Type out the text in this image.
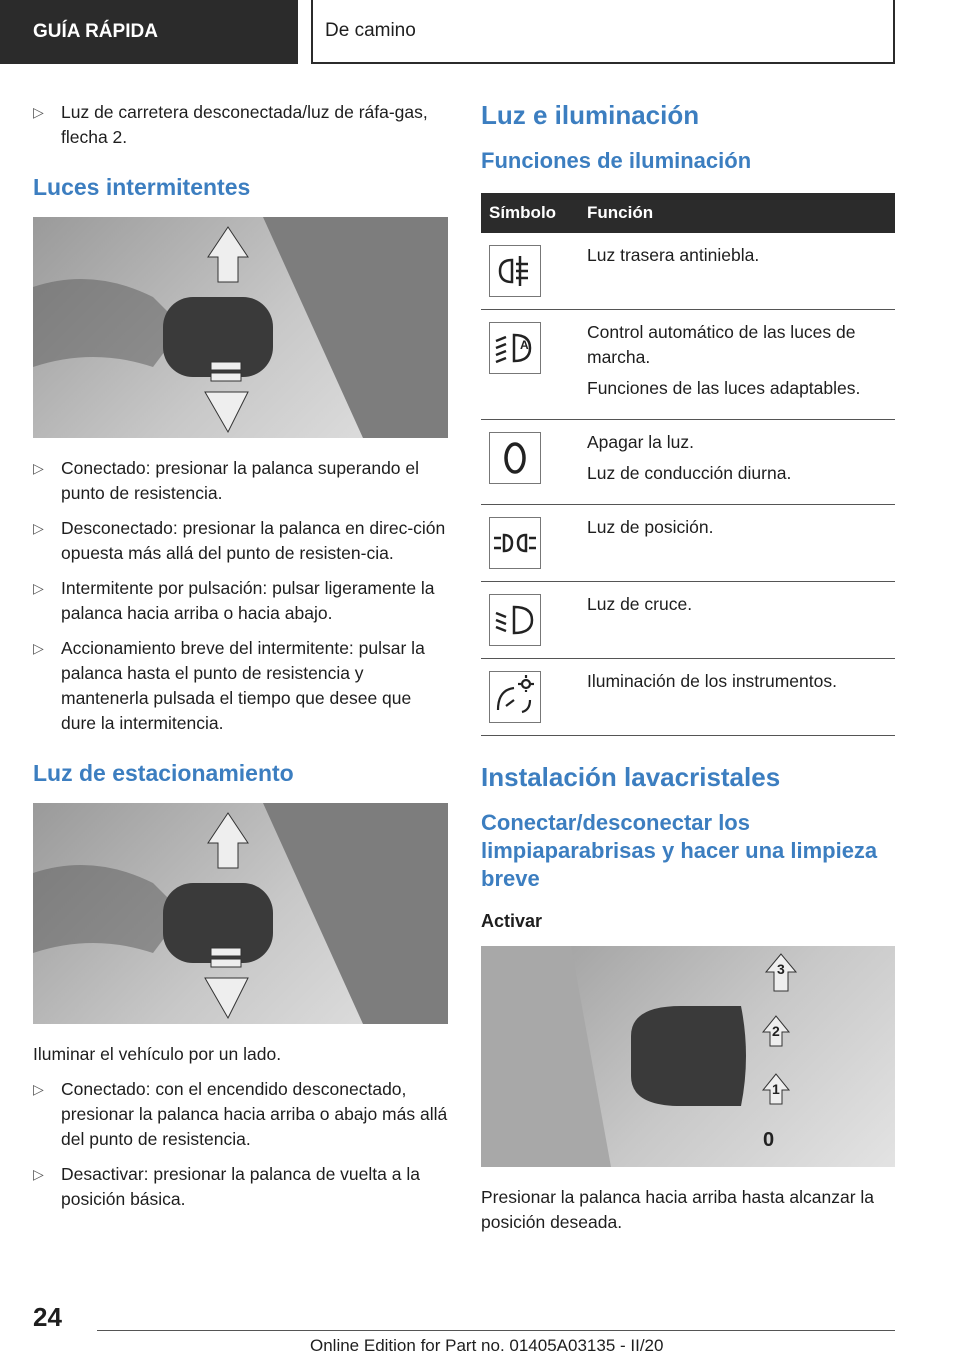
GUÍA RÁPIDA	De camino
▷ Luz de carretera desconectada/luz de ráfa-gas, flecha 2.
Luces intermitentes
▷ Conectado: presionar la palanca superando el punto de resistencia.
▷ Desconectado: presionar la palanca en direc-ción opuesta más allá del punto de resisten-cia.
▷ Intermitente por pulsación: pulsar ligeramente la palanca hacia arriba o hacia abajo.
▷ Accionamiento breve del intermitente: pulsar la palanca hasta el punto de resistencia y mantenerla pulsada el tiempo que desee que dure la intermitencia.
Luz de estacionamiento

Iluminar el vehículo por un lado.

▷ Conectado: con el encendido desconectado, presionar la palanca hacia arriba o abajo más allá del punto de resistencia.
▷ Desactivar: presionar la palanca de vuelta a la posición básica.
Luz e iluminación
Funciones de iluminación
Símbolo	Función

Luz trasera antiniebla.

A	Control automático de las luces de marcha.

Funciones de las luces adaptables.

Apagar la luz.

Luz de conducción diurna.

Luz de posición.

Luz de cruce.

Iluminación de los instrumentos.

Instalación lavacristales
Conectar/desconectar los limpiaparabrisas y hacer una limpieza breve
Activar
3
2
1
0

Presionar la palanca hacia arriba hasta alcanzar la posición deseada.

24
Online Edition for Part no. 01405A03135 - II/20
